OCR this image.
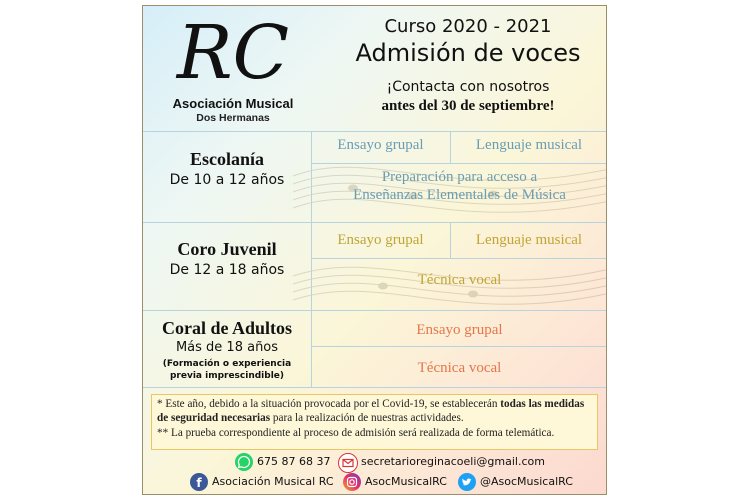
RC
Asociación Musical
Dos Hermanas
Curso 2020 - 2021
Admisión de voces
¡Contacta con nosotros
antes del 30 de septiembre!
Escolanía
De 10 a 12 años
Ensayo grupal	Lenguaje musical
Preparación para acceso a
Enseñanzas Elementales de Música
Coro Juvenil
De 12 a 18 años
Ensayo grupal	Lenguaje musical
Técnica vocal
Coral de Adultos
Más de 18 años
(Formación o experiencia
previa imprescindible)
Ensayo grupal
Técnica vocal
* Este año, debido a la situación provocada por el Covid-19, se establecerán todas las medidas de seguridad necesarias para la realización de nuestras actividades.
** La prueba correspondiente al proceso de admisión será realizada de forma telemática.
675 87 68 37	secretarioreginacoeli@gmail.com
f Asociación Musical RC	AsocMusicalRC	@AsocMusicalRC
